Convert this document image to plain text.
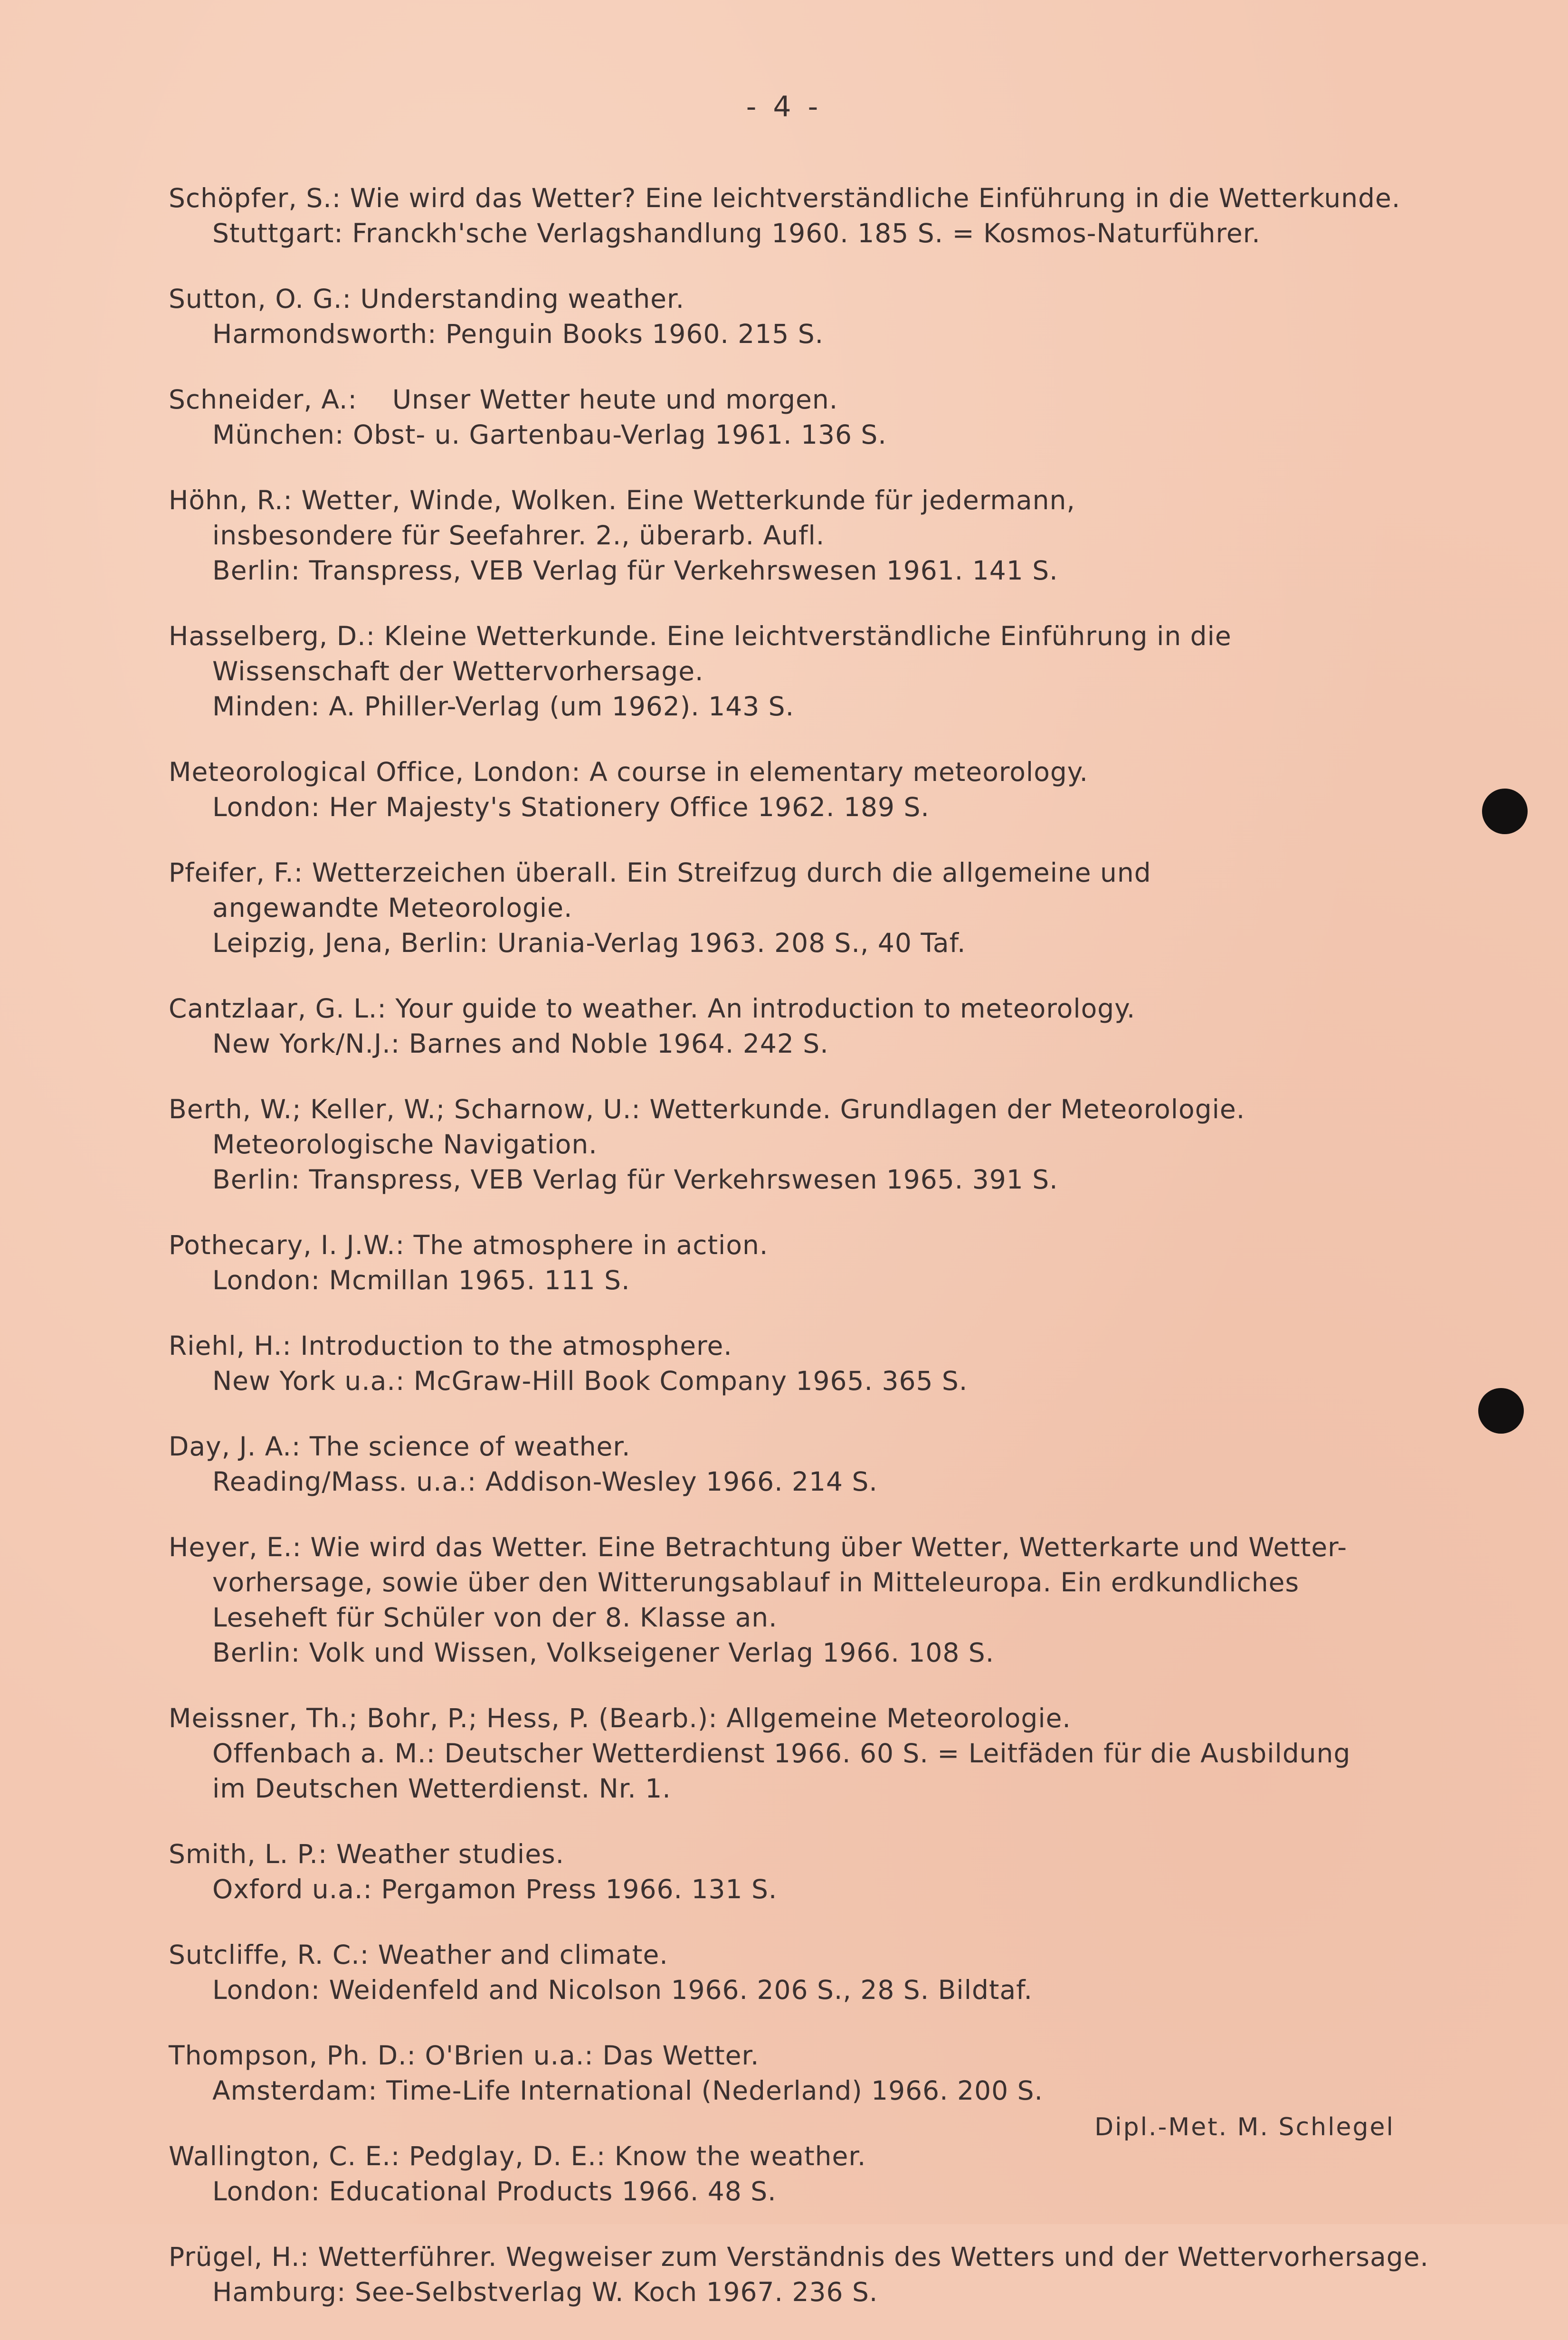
- 4 -
Schöpfer, S.: Wie wird das Wetter? Eine leichtverständliche Einführung in die Wetterkunde.
Stuttgart: Franckh'sche Verlagshandlung 1960. 185 S. = Kosmos-Naturführer.
Sutton, O. G.: Understanding weather.
Harmondsworth: Penguin Books 1960. 215 S.
Schneider, A.:    Unser Wetter heute und morgen.
München: Obst- u. Gartenbau-Verlag 1961. 136 S.
Höhn, R.: Wetter, Winde, Wolken. Eine Wetterkunde für jedermann,
insbesondere für Seefahrer. 2., überarb. Aufl.
Berlin: Transpress, VEB Verlag für Verkehrswesen 1961. 141 S.
Hasselberg, D.: Kleine Wetterkunde. Eine leichtverständliche Einführung in die
Wissenschaft der Wettervorhersage.
Minden: A. Philler-Verlag (um 1962). 143 S.
Meteorological Office, London: A course in elementary meteorology.
London: Her Majesty's Stationery Office 1962. 189 S.
Pfeifer, F.: Wetterzeichen überall. Ein Streifzug durch die allgemeine und
angewandte Meteorologie.
Leipzig, Jena, Berlin: Urania-Verlag 1963. 208 S., 40 Taf.
Cantzlaar, G. L.: Your guide to weather. An introduction to meteorology.
New York/N.J.: Barnes and Noble 1964. 242 S.
Berth, W.; Keller, W.; Scharnow, U.: Wetterkunde. Grundlagen der Meteorologie.
Meteorologische Navigation.
Berlin: Transpress, VEB Verlag für Verkehrswesen 1965. 391 S.
Pothecary, I. J.W.: The atmosphere in action.
London: Mcmillan 1965. 111 S.
Riehl, H.: Introduction to the atmosphere.
New York u.a.: McGraw-Hill Book Company 1965. 365 S.
Day, J. A.: The science of weather.
Reading/Mass. u.a.: Addison-Wesley 1966. 214 S.
Heyer, E.: Wie wird das Wetter. Eine Betrachtung über Wetter, Wetterkarte und Wetter-
vorhersage, sowie über den Witterungsablauf in Mitteleuropa. Ein erdkundliches
Leseheft für Schüler von der 8. Klasse an.
Berlin: Volk und Wissen, Volkseigener Verlag 1966. 108 S.
Meissner, Th.; Bohr, P.; Hess, P. (Bearb.): Allgemeine Meteorologie.
Offenbach a. M.: Deutscher Wetterdienst 1966. 60 S. = Leitfäden für die Ausbildung
im Deutschen Wetterdienst. Nr. 1.
Smith, L. P.: Weather studies.
Oxford u.a.: Pergamon Press 1966. 131 S.
Sutcliffe, R. C.: Weather and climate.
London: Weidenfeld and Nicolson 1966. 206 S., 28 S. Bildtaf.
Thompson, Ph. D.: O'Brien u.a.: Das Wetter.
Amsterdam: Time-Life International (Nederland) 1966. 200 S.
Wallington, C. E.: Pedglay, D. E.: Know the weather.
London: Educational Products 1966. 48 S.
Prügel, H.: Wetterführer. Wegweiser zum Verständnis des Wetters und der Wettervorhersage.
Hamburg: See-Selbstverlag W. Koch 1967. 236 S.
Dipl.-Met. M. Schlegel
